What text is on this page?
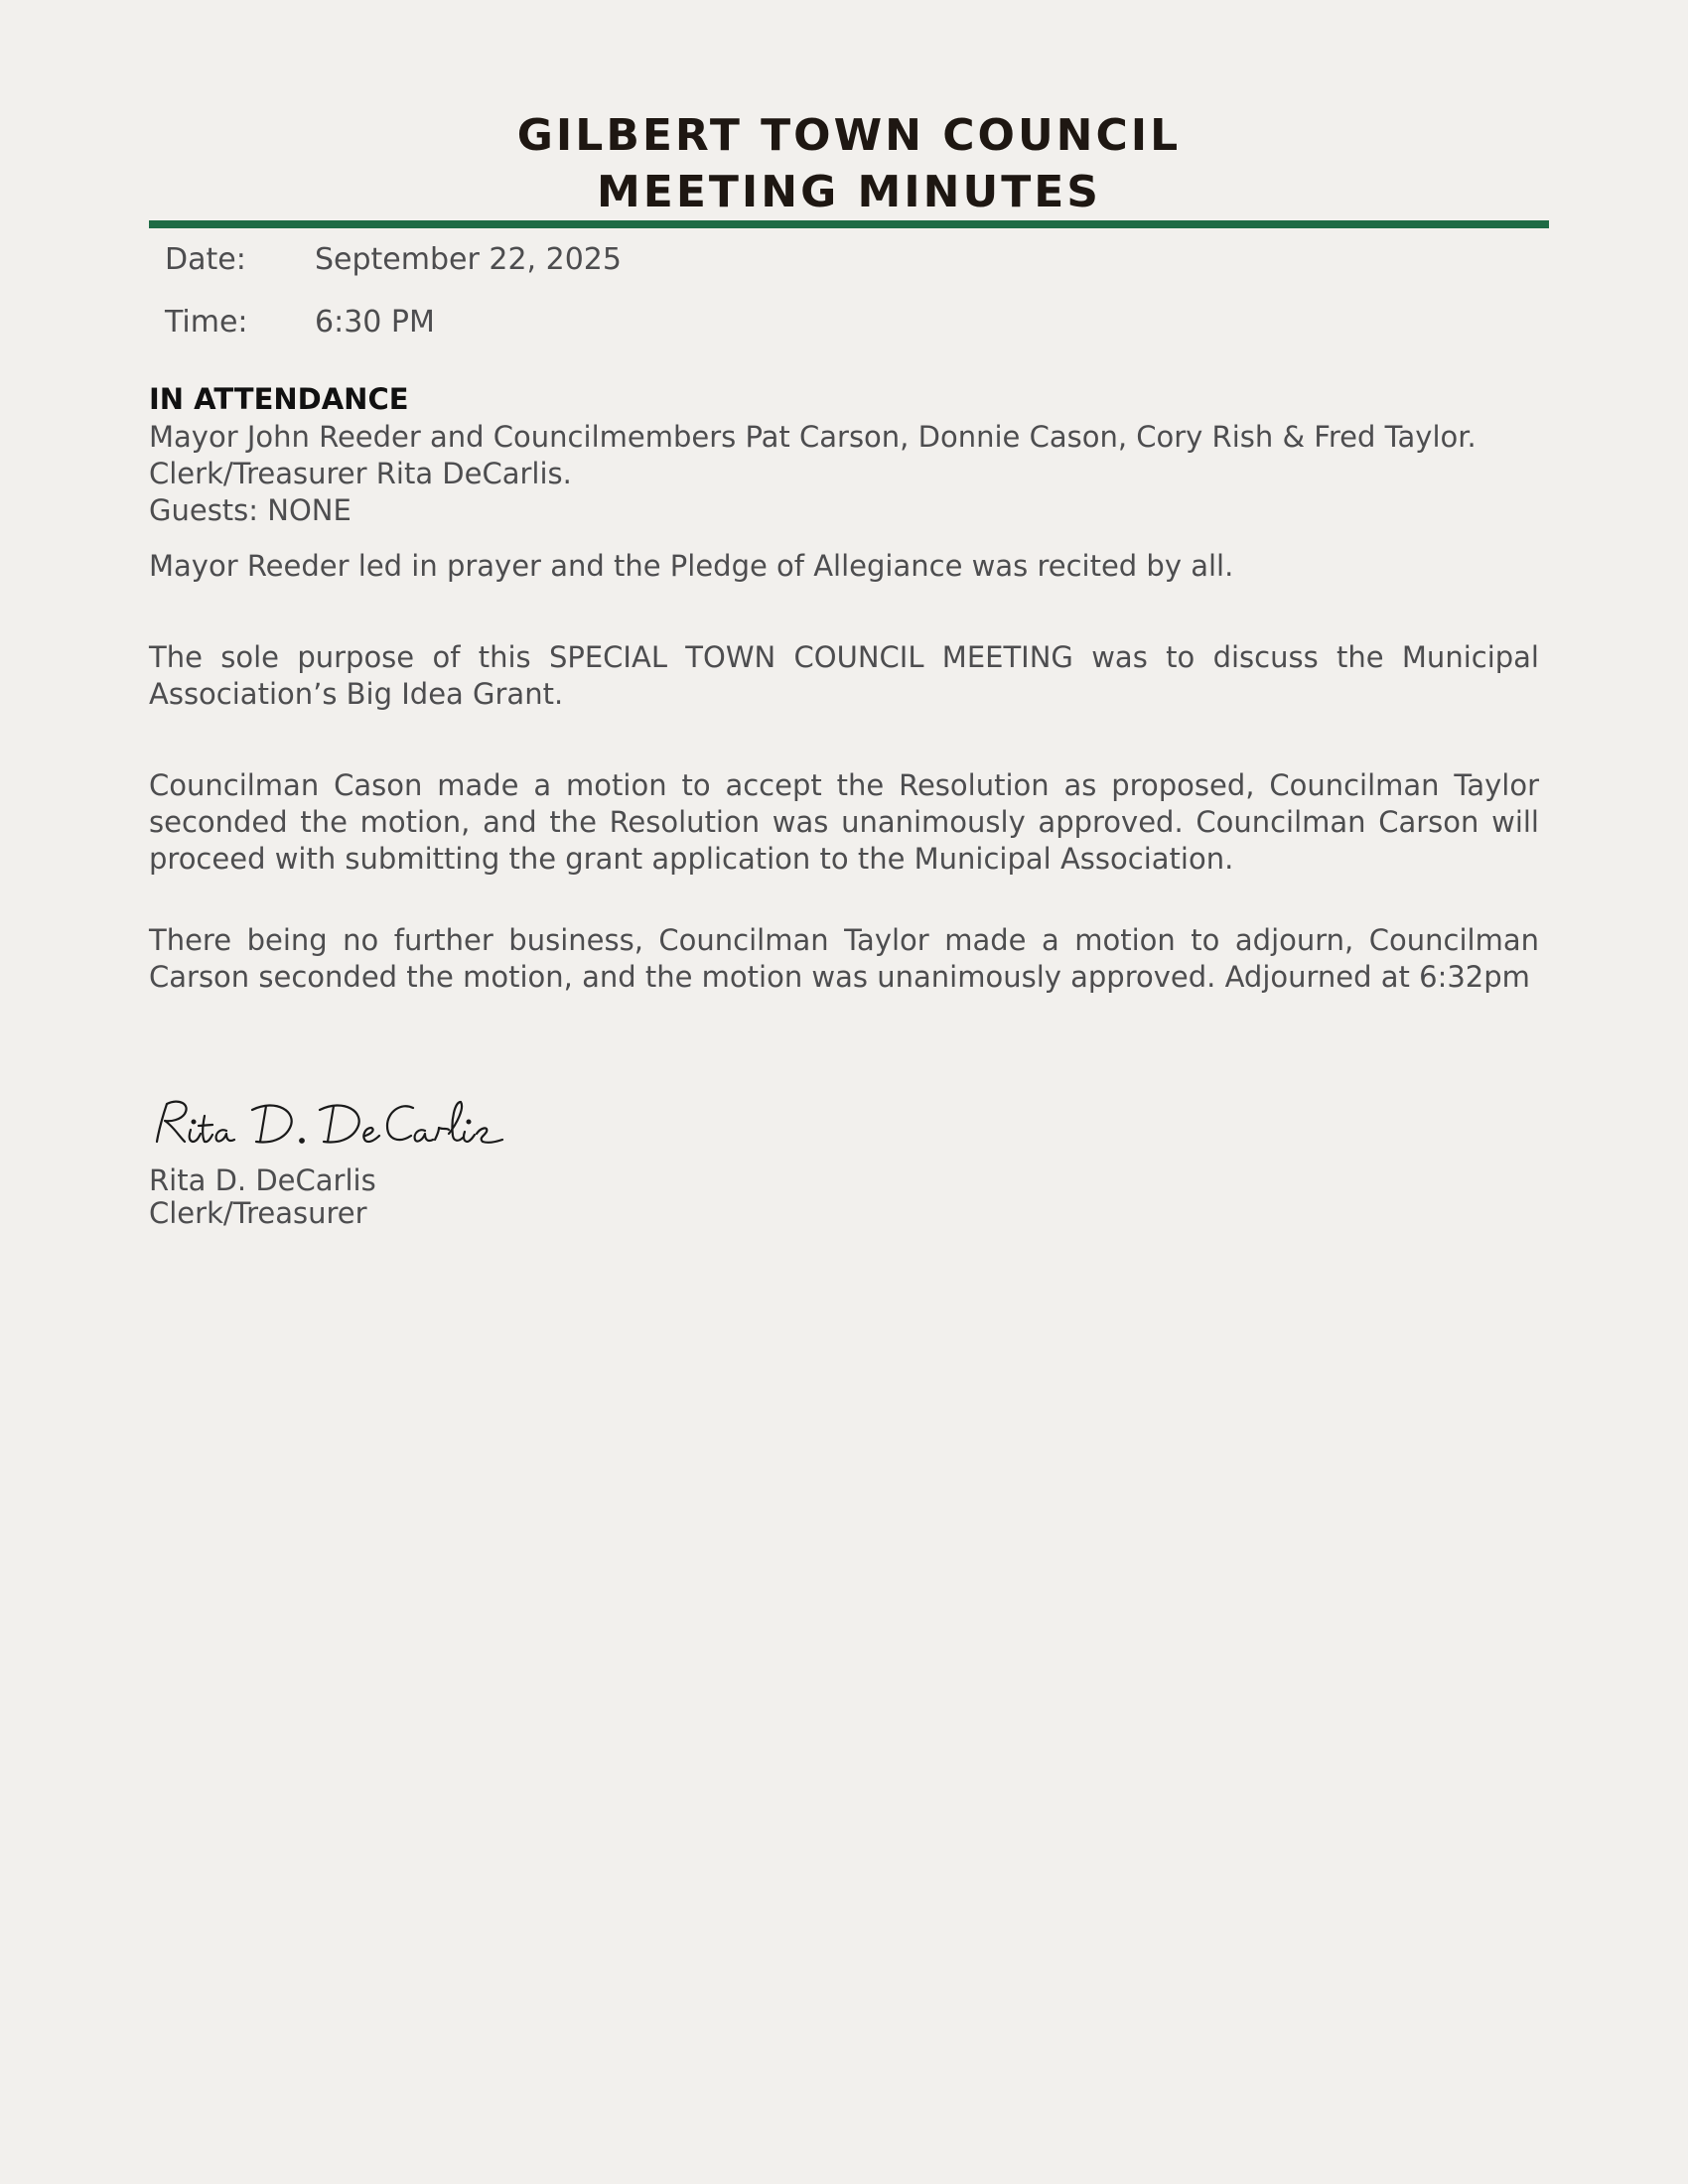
GILBERT TOWN COUNCIL
MEETING MINUTES
Date: September 22, 2025
Time: 6:30 PM
IN ATTENDANCE
Mayor John Reeder and Councilmembers Pat Carson, Donnie Cason, Cory Rish & Fred Taylor.
Clerk/Treasurer Rita DeCarlis.
Guests: NONE

Mayor Reeder led in prayer and the Pledge of Allegiance was recited by all.

The sole purpose of this SPECIAL TOWN COUNCIL MEETING was to discuss the Municipal Association’s Big Idea Grant.

Councilman Cason made a motion to accept the Resolution as proposed, Councilman Taylor seconded the motion, and the Resolution was unanimously approved. Councilman Carson will proceed with submitting the grant application to the Municipal Association.

There being no further business, Councilman Taylor made a motion to adjourn, Councilman Carson seconded the motion, and the motion was unanimously approved. Adjourned at 6:32pm

Rita D. DeCarlis
Clerk/Treasurer
